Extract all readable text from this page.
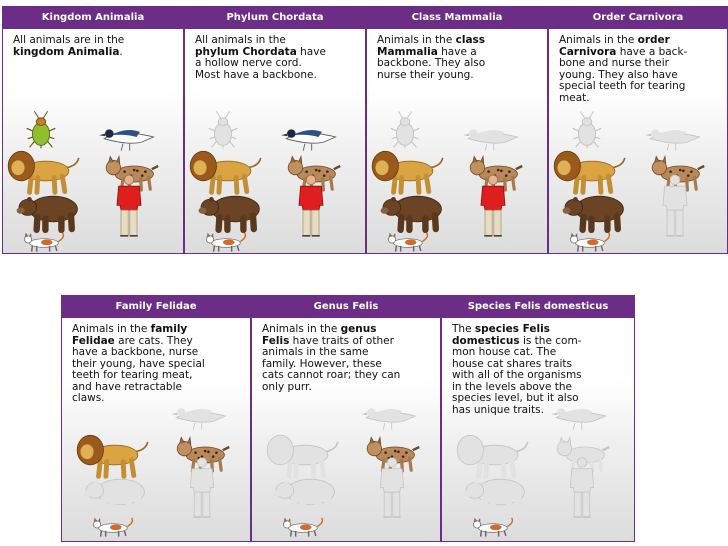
Kingdom Animalia
All animals are in the
kingdom Animalia.
Phylum Chordata
All animals in the
phylum Chordata have
a hollow nerve cord.
Most have a backbone.
Class Mammalia
Animals in the class
Mammalia have a
backbone. They also
nurse their young.
Order Carnivora
Animals in the order
Carnivora have a back-
bone and nurse their
young. They also have
special teeth for tearing
meat.
Family Felidae
Animals in the family
Felidae are cats. They
have a backbone, nurse
their young, have special
teeth for tearing meat,
and have retractable
claws.
Genus Felis
Animals in the genus
Felis have traits of other
animals in the same
family. However, these
cats cannot roar; they can
only purr.
Species Felis domesticus
The species Felis
domesticus is the com-
mon house cat. The
house cat shares traits
with all of the organisms
in the levels above the
species level, but it also
has unique traits.
